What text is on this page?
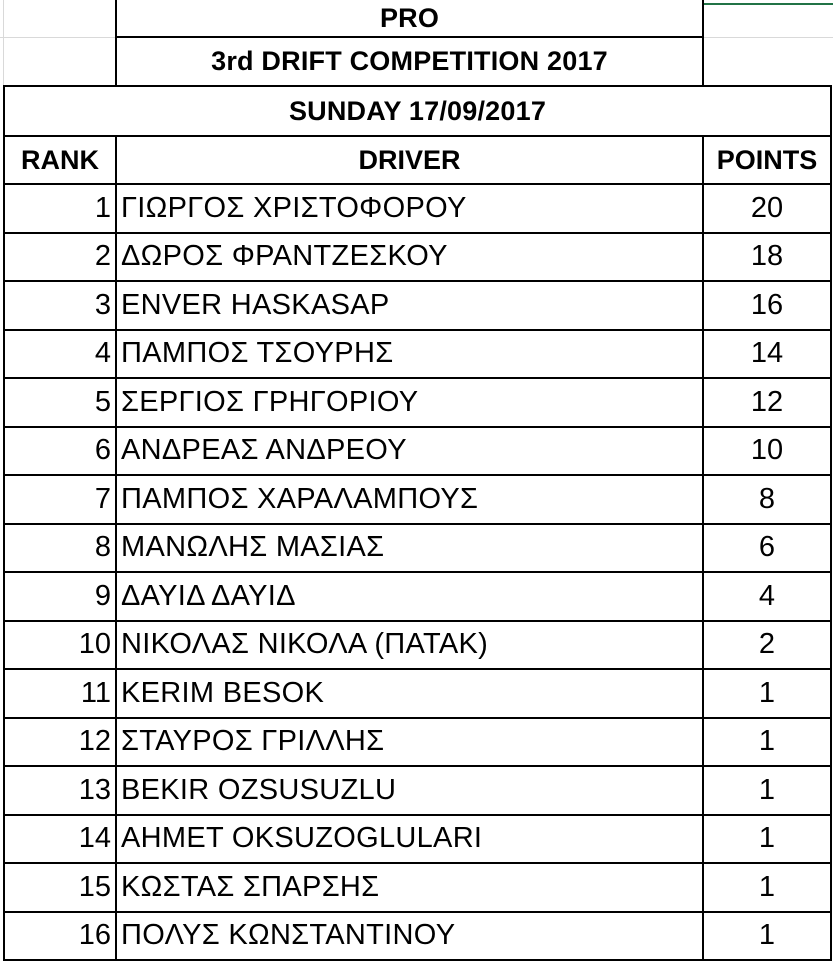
	PRO	
	3rd DRIFT COMPETITION 2017	
SUNDAY 17/09/2017		
RANK	DRIVER	POINTS
1	ΓΙΩΡΓΟΣ ΧΡΙΣΤΟΦΟΡΟΥ	20
2	ΔΩΡΟΣ ΦΡΑΝΤΖΕΣΚΟΥ	18
3	ENVER HASKASAP	16
4	ΠΑΜΠΟΣ ΤΣΟΥΡΗΣ	14
5	ΣΕΡΓΙΟΣ ΓΡΗΓΟΡΙΟΥ	12
6	ΑΝΔΡΕΑΣ ΑΝΔΡΕΟΥ	10
7	ΠΑΜΠΟΣ ΧΑΡΑΛΑΜΠΟΥΣ	8
8	ΜΑΝΩΛΗΣ ΜΑΣΙΑΣ	6
9	ΔΑΥΙΔ ΔΑΥΙΔ	4
10	ΝΙΚΟΛΑΣ ΝΙΚΟΛΑ (ΠΑΤΑΚ)	2
11	KERIM BESOK	1
12	ΣΤΑΥΡΟΣ ΓΡΙΛΛΗΣ	1
13	BEKIR OZSUSUZLU	1
14	AHMET OKSUZOGLULARI	1
15	ΚΩΣΤΑΣ ΣΠΑΡΣΗΣ	1
16	ΠΟΛΥΣ ΚΩΝΣΤΑΝΤΙΝΟΥ	1
